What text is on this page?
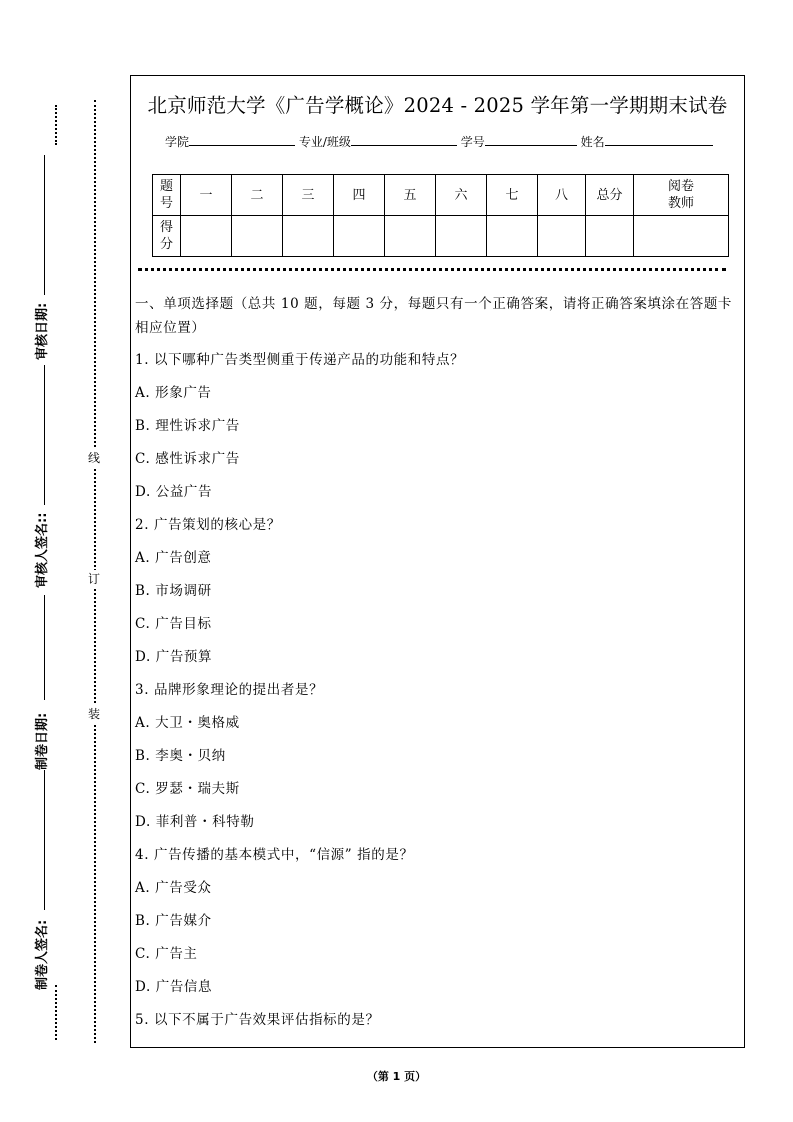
审核日期:
审核人签名::
制卷日期:
制卷人签名:
线
订
装
北京师范大学《广告学概论》2024 - 2025 学年第一学期期末试卷
学院	专业/班级	学号	姓名
题号	一	二	三	四	五	六	七	八	总分	阅卷教师
得分										
一、单项选择题（总共 10 题，每题 3 分，每题只有一个正确答案，请将正确答案填涂在答题卡相应位置）
1. 以下哪种广告类型侧重于传递产品的功能和特点？
A. 形象广告
B. 理性诉求广告
C. 感性诉求广告
D. 公益广告
2. 广告策划的核心是？
A. 广告创意
B. 市场调研
C. 广告目标
D. 广告预算
3. 品牌形象理论的提出者是？
A. 大卫・奥格威
B. 李奥・贝纳
C. 罗瑟・瑞夫斯
D. 菲利普・科特勒
4. 广告传播的基本模式中，“信源” 指的是？
A. 广告受众
B. 广告媒介
C. 广告主
D. 广告信息
5. 以下不属于广告效果评估指标的是？
（第 1 页）
